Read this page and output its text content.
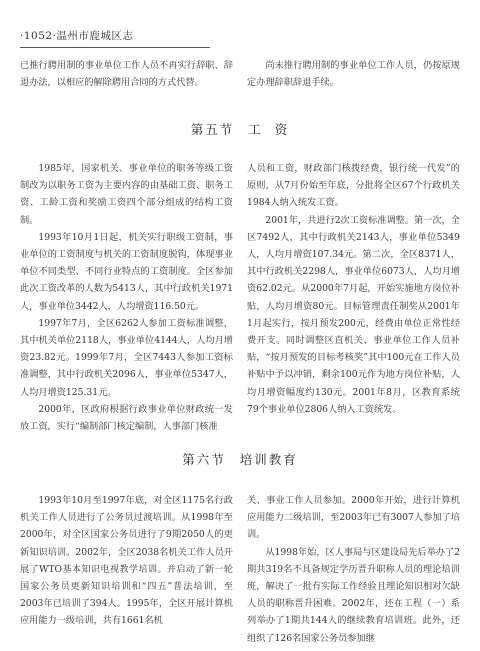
·1052·温州市鹿城区志

已推行聘用制的事业单位工作人员不再实行辞职、辞退办法，以相应的解除聘用合同的方式代替。

尚未推行聘用制的事业单位工作人员，仍按原规定办理辞职辞退手续。

第五节 工  资

1985年，国家机关、事业单位的职务等级工资制改为以职务工资为主要内容的由基础工资、职务工资、工龄工资和奖励工资四个部分组成的结构工资制。

1993年10月1日起，机关实行职级工资制，事业单位的工资制度与机关的工资制度脱钩，体现事业单位不同类型、不同行业特点的工资制度。全区参加此次工资改革的人数为5413人，其中行政机关1971人，事业单位3442人，人均增资116.50元。

1997年7月，全区6262人参加工资标准调整，其中机关单位2118人，事业单位4144人，人均月增资23.82元。1999年7月，全区7443人参加工资标准调整，其中行政机关2096人，事业单位5347人，人均月增资125.31元。

2000年，区政府根据行政事业单位财政统一发放工资，实行“编制部门核定编制，人事部门核准

人员和工资，财政部门核拨经费，银行统一代发”的原则，从7月份始至年底，分批将全区67个行政机关1984人纳入统发工资。

2001年，共进行2次工资标准调整。第一次，全区7492人，其中行政机关2143人，事业单位5349人，人均月增资107.34元。第二次，全区8371人，其中行政机关2298人，事业单位6073人，人均月增资62.02元。从2000年7月起，开始实施地方岗位补贴，人均月增资80元。目标管理责任制奖从2001年1月起实行，按月预发200元，经费由单位正常性经费开支。同时调整区直机关、事业单位工作人员补贴，“按月预发的目标考核奖”其中100元在工作人员补贴中予以冲销，剩余100元作为地方岗位补贴，人均月增资幅度约130元。2001年8月，区教育系统79个事业单位2806人纳入工资统发。

第六节 培训教育

1993年10月至1997年底，对全区1175名行政机关工作人员进行了公务员过渡培训。从1998年至2000年，对全区国家公务员进行了9期2050人的更新知识培训。2002年，全区2038名机关工作人员开展了WTO基本知识电视教学培训。并启动了新一轮国家公务员更新知识培训和“四五”普法培训，至2003年已培训了394人。1995年，全区开展计算机应用能力一级培训，共有1661名机

关、事业工作人员参加。2000年开始，进行计算机应用能力二级培训，至2003年已有3007人参加了培训。

从1998年始，区人事局与区建设局先后举办了2期共319名不具备规定学历晋升职称人员的理论培训班，解决了一批有实际工作经验且理论知识相对欠缺人员的职称晋升困难。2002年，还在工程（一）系列举办了1期共144人的继续教育培训班。此外，还组织了126名国家公务员参加继
